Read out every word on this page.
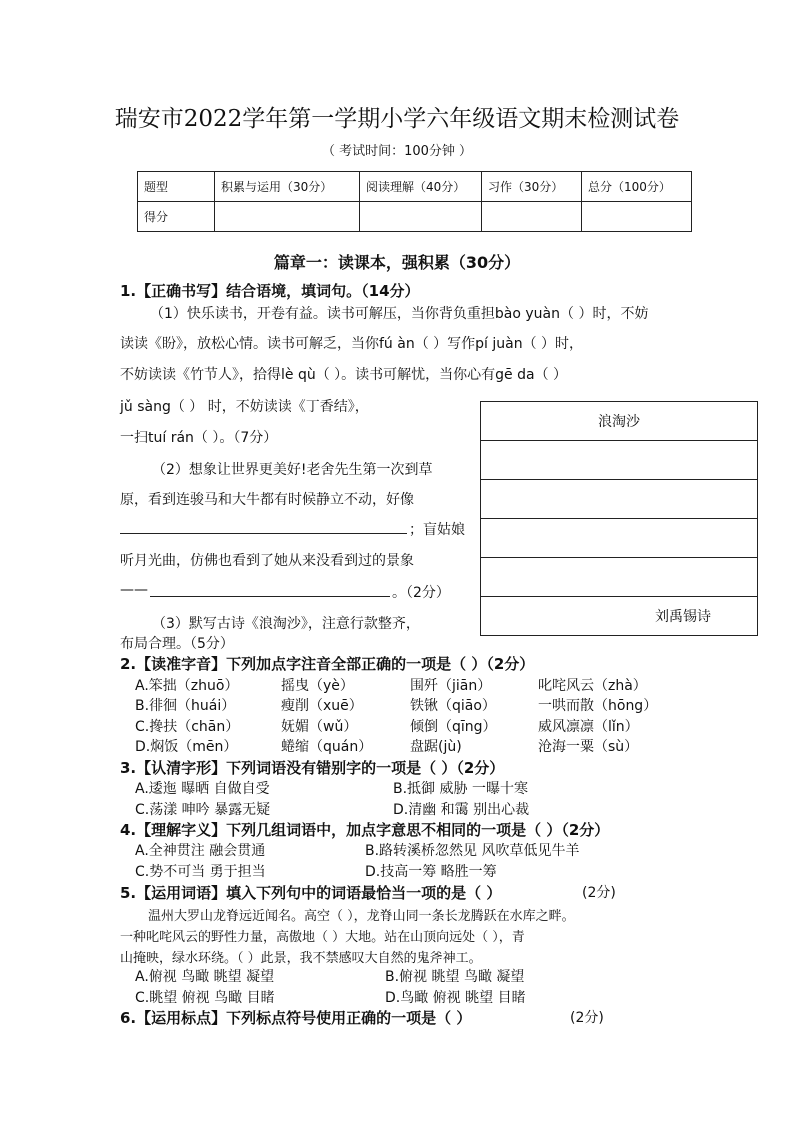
瑞安市2022学年第一学期小学六年级语文期末检测试卷
（ 考试时间：100分钟 ）
题型	积累与运用（30分）	阅读理解（40分）	习作（30分）	总分（100分）
得分				
篇章一：读课本，强积累（30分）
1.【正确书写】结合语境，填词句。（14分）
（1）快乐读书，开卷有益。读书可解压，当你背负重担bào yuàn（ ）时，不妨
读读《盼》，放松心情。读书可解乏，当你fú àn（ ）写作pí juàn（ ）时，
不妨读读《竹节人》，拾得lè qù（ ）。读书可解忧，当你心有gē da（ ）
jǔ sàng（ ） 时，不妨读读《丁香结》，
一扫tuí rán（ ）。（7分）
（2）想象让世界更美好!老舍先生第一次到草
原，看到连骏马和大牛都有时候静立不动，好像
；盲姑娘
听月光曲，仿佛也看到了她从来没看到过的景象
——	。（2分）
（3）默写古诗《浪淘沙》，注意行款整齐，
布局合理。（5分）
浪淘沙

刘禹锡诗
2.【读准字音】下列加点字注音全部正确的一项是（ ）（2分）
A.笨拙（zhuō）	摇曳（yè）	围歼（jiān）	叱咤风云（zhà）
B.徘徊（huái）	瘦削（xuē）	铁锹（qiāo）	一哄而散（hōng）
C.搀扶（chān）	妩媚（wǔ）	倾倒（qīng）	威风凛凛（lǐn）
D.焖饭（mēn）	蜷缩（quán）	盘踞(jù)	沧海一粟（sù）
3.【认清字形】下列词语没有错别字的一项是（ ）（2分）
A.逶迤 曝晒 自做自受	B.抵御 威胁 一曝十寒
C.荡漾 呻吟 暴露无疑	D.清幽 和霭 别出心裁
4.【理解字义】下列几组词语中，加点字意思不相同的一项是（ ）（2分）
A.全神贯注 融会贯通	B.路转溪桥忽然见 风吹草低见牛羊
C.势不可当 勇于担当	D.技高一筹 略胜一筹
5.【运用词语】填入下列句中的词语最恰当一项的是（ ）	(2分)
温州大罗山龙脊远近闻名。高空（ ），龙脊山同一条长龙腾跃在水库之畔。
一种叱咤风云的野性力量，高傲地（ ）大地。站在山顶向远处（ ），青
山掩映，绿水环绕。（ ）此景，我不禁感叹大自然的鬼斧神工。
A.俯视 鸟瞰 眺望 凝望	B.俯视 眺望 鸟瞰 凝望
C.眺望 俯视 鸟瞰 目睹	D.鸟瞰 俯视 眺望 目睹
6.【运用标点】下列标点符号使用正确的一项是（ ）	(2分)
